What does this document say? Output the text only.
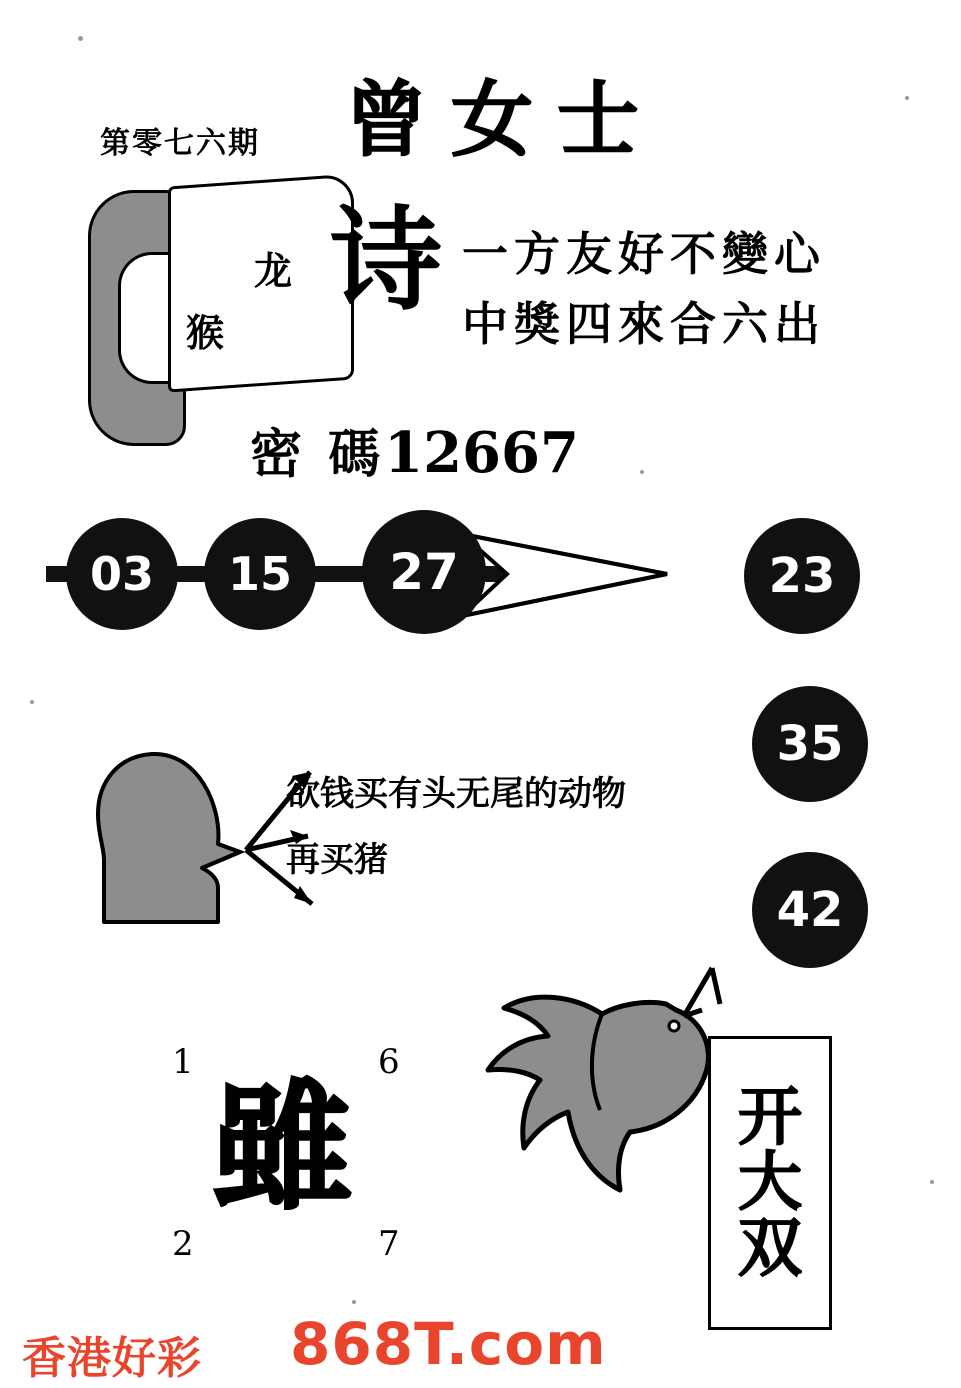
第零七六期 曾女士
龙
猴
诗 一方友好不變心
中獎四來合六出
密 碼12667
03	15	27	23
35
42
欲钱买有头无尾的动物
再买猪
1	6
2	7
雖	开
大
双
香港好彩 868T.com
